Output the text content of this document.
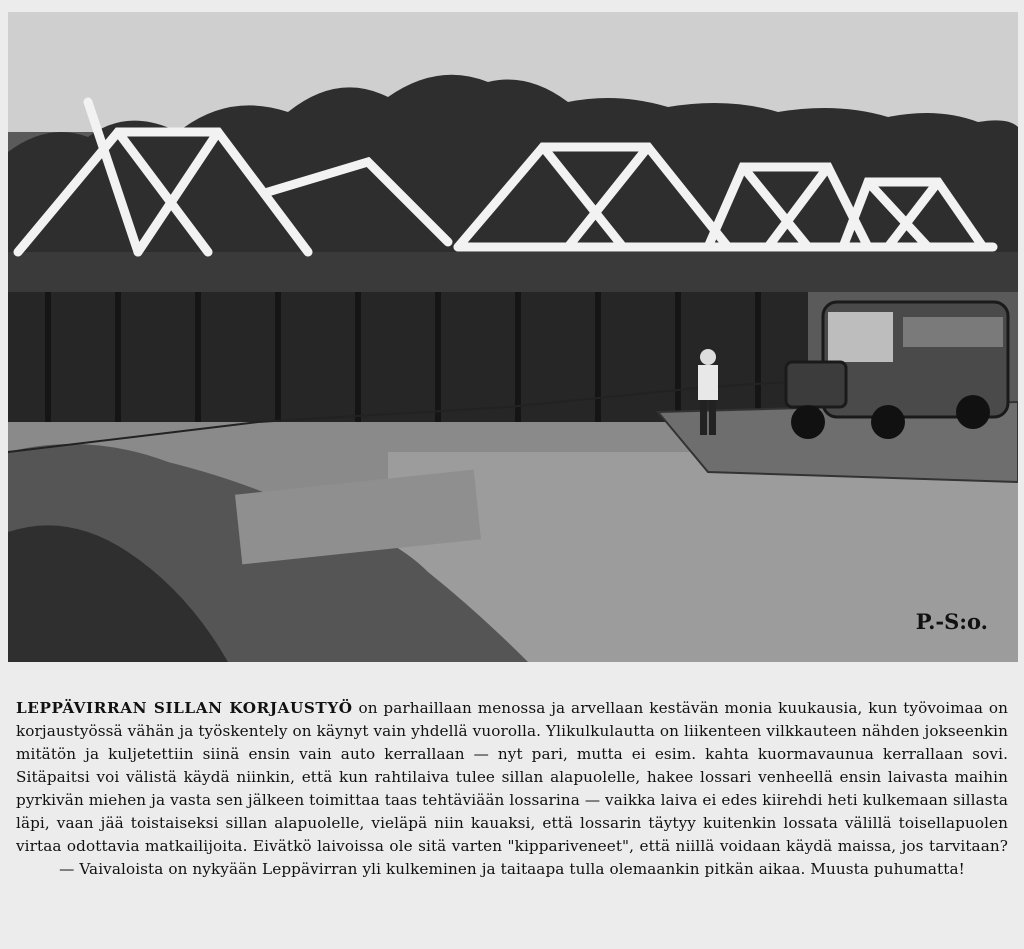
P.-S:o.

LEPPÄVIRRAN SILLAN KORJAUSTYÖ on parhaillaan menossa ja arvellaan kestävän monia kuukausia, kun työvoimaa on korjaustyössä vähän ja työskentely on käynyt vain yhdellä vuorolla. Ylikulkulautta on liikenteen vilkkauteen nähden jokseenkin mitätön ja kuljetettiin siinä ensin vain auto kerrallaan — nyt pari, mutta ei esim. kahta kuormavaunua kerrallaan sovi. Sitäpaitsi voi välistä käydä niinkin, että kun rahtilaiva tulee sillan alapuolelle, hakee lossari venheellä ensin laivasta maihin pyrkivän miehen ja vasta sen jälkeen toimittaa taas tehtäviään lossarina — vaikka laiva ei edes kiirehdi heti kulkemaan sillasta läpi, vaan jää toistaiseksi sillan alapuolelle, vieläpä niin kauaksi, että lossarin täytyy kuitenkin lossata välillä toisellapuolen virtaa odottavia matkailijoita. Eivätkö laivoissa ole sitä varten "kippariveneet", että niillä voidaan käydä maissa, jos tarvitaan? — Vaivaloista on nykyään Leppävirran yli kulkeminen ja taitaapa tulla olemaankin pitkän aikaa. Muusta puhumatta!
